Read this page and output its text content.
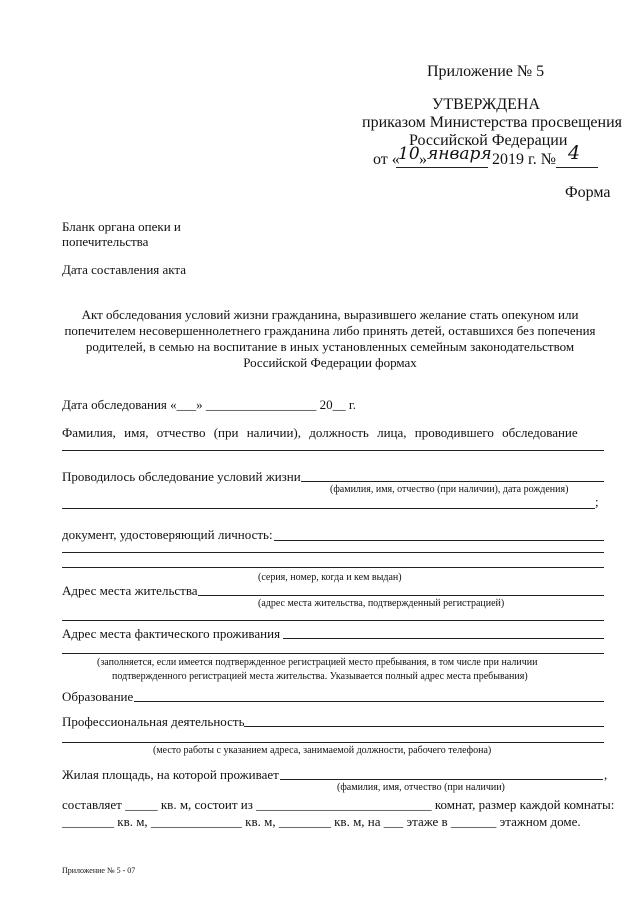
Приложение № 5
УТВЕРЖДЕНА
приказом Министерства просвещения
Российской Федерации
от «
10 » января 2019 г. № 4
Форма
Бланк органа опеки и
попечительства
Дата составления акта
Акт обследования условий жизни гражданина, выразившего желание стать опекуном или
попечителем несовершеннолетнего гражданина либо принять детей, оставшихся без попечения
родителей, в семью на воспитание в иных установленных семейным законодательством
Российской Федерации формах
Дата обследования «___» _________________ 20__ г.
Фамилия, имя, отчество (при наличии), должность лица, проводившего обследование
Проводилось обследование условий жизни
(фамилия, имя, отчество (при наличии), дата рождения)
;
документ, удостоверяющий личность:
(серия, номер, когда и кем выдан)
Адрес места жительства
(адрес места жительства, подтвержденный регистрацией)
Адрес места фактического проживания
(заполняется, если имеется подтвержденное регистрацией место пребывания, в том числе при наличии
подтвержденного регистрацией места жительства. Указывается полный адрес места пребывания)
Образование
Профессиональная деятельность
(место работы с указанием адреса, занимаемой должности, рабочего телефона)
Жилая площадь, на которой проживает	,
(фамилия, имя, отчество (при наличии)
составляет _____ кв. м, состоит из ___________________________ комнат, размер каждой комнаты:
________ кв. м, ______________ кв. м, ________ кв. м, на ___ этаже в _______ этажном доме.
Приложение № 5 - 07
